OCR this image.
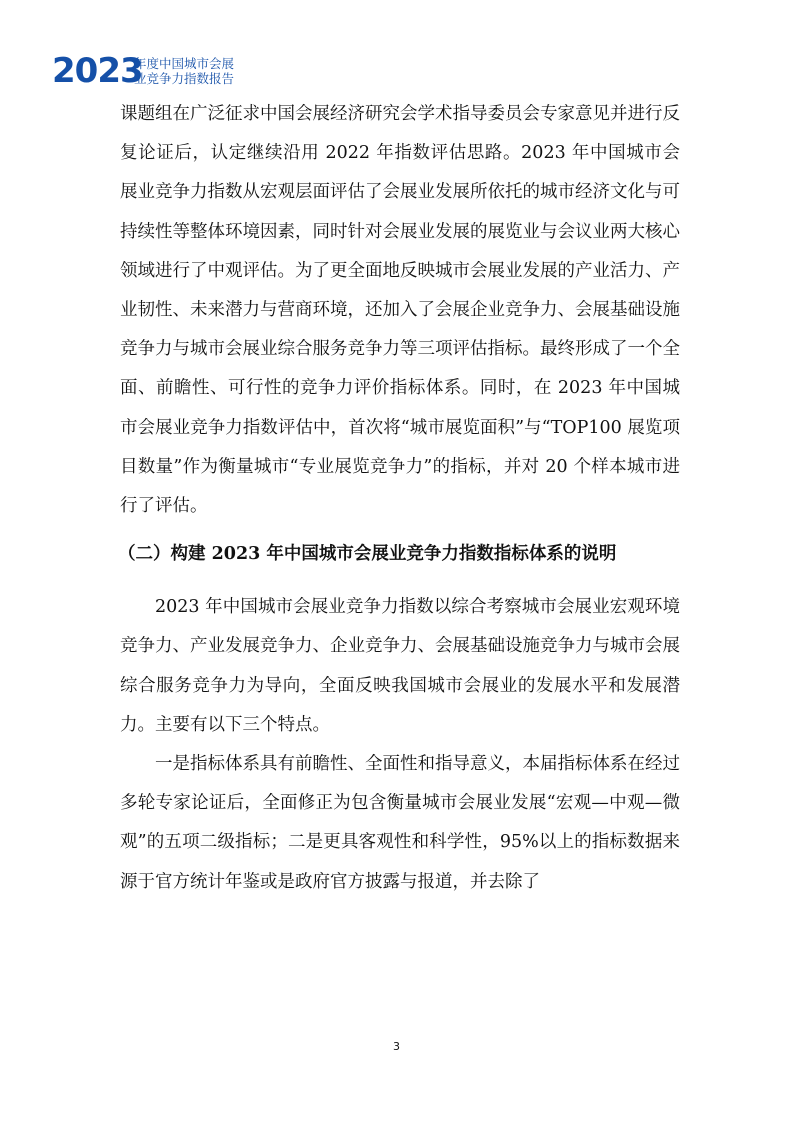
2023
年度中国城市会展
业竞争力指数报告

课题组在广泛征求中国会展经济研究会学术指导委员会专家意见并进行反复论证后，认定继续沿用 2022 年指数评估思路。2023 年中国城市会展业竞争力指数从宏观层面评估了会展业发展所依托的城市经济文化与可持续性等整体环境因素，同时针对会展业发展的展览业与会议业两大核心领域进行了中观评估。为了更全面地反映城市会展业发展的产业活力、产业韧性、未来潜力与营商环境，还加入了会展企业竞争力、会展基础设施竞争力与城市会展业综合服务竞争力等三项评估指标。最终形成了一个全面、前瞻性、可行性的竞争力评价指标体系。同时，在 2023 年中国城市会展业竞争力指数评估中，首次将“城市展览面积”与“TOP100 展览项目数量”作为衡量城市“专业展览竞争力”的指标，并对 20 个样本城市进行了评估。

（二）构建 2023 年中国城市会展业竞争力指数指标体系的说明

2023 年中国城市会展业竞争力指数以综合考察城市会展业宏观环境竞争力、产业发展竞争力、企业竞争力、会展基础设施竞争力与城市会展综合服务竞争力为导向，全面反映我国城市会展业的发展水平和发展潜力。主要有以下三个特点。

一是指标体系具有前瞻性、全面性和指导意义，本届指标体系在经过多轮专家论证后，全面修正为包含衡量城市会展业发展“宏观—中观—微观”的五项二级指标；二是更具客观性和科学性，95%以上的指标数据来源于官方统计年鉴或是政府官方披露与报道，并去除了

3
